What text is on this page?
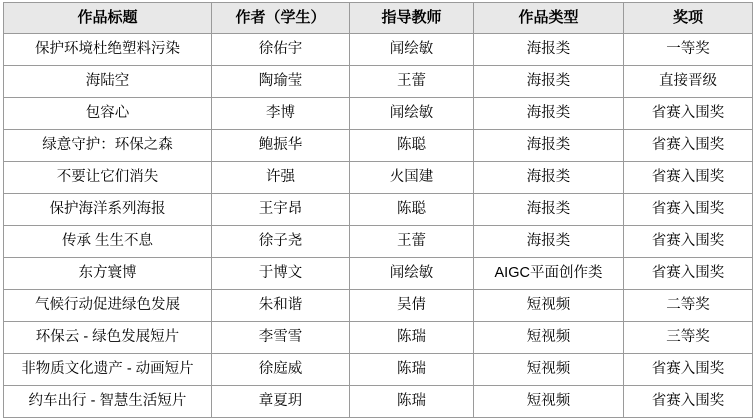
作品标题	作者（学生）	指导教师	作品类型	奖项
保护环境杜绝塑料污染	徐佑宇	闻绘敏	海报类	一等奖
海陆空	陶瑜莹	王蕾	海报类	直接晋级
包容心	李博	闻绘敏	海报类	省赛入围奖
绿意守护：环保之森	鲍振华	陈聪	海报类	省赛入围奖
不要让它们消失	许强	火国建	海报类	省赛入围奖
保护海洋系列海报	王宇昂	陈聪	海报类	省赛入围奖
传承 生生不息	徐子尧	王蕾	海报类	省赛入围奖
东方寰博	于博文	闻绘敏	AIGC平面创作类	省赛入围奖
气候行动促进绿色发展	朱和谐	吴倩	短视频	二等奖
环保云 - 绿色发展短片	李雪雪	陈瑞	短视频	三等奖
非物质文化遗产 - 动画短片	徐庭威	陈瑞	短视频	省赛入围奖
约车出行 - 智慧生活短片	章夏玥	陈瑞	短视频	省赛入围奖
